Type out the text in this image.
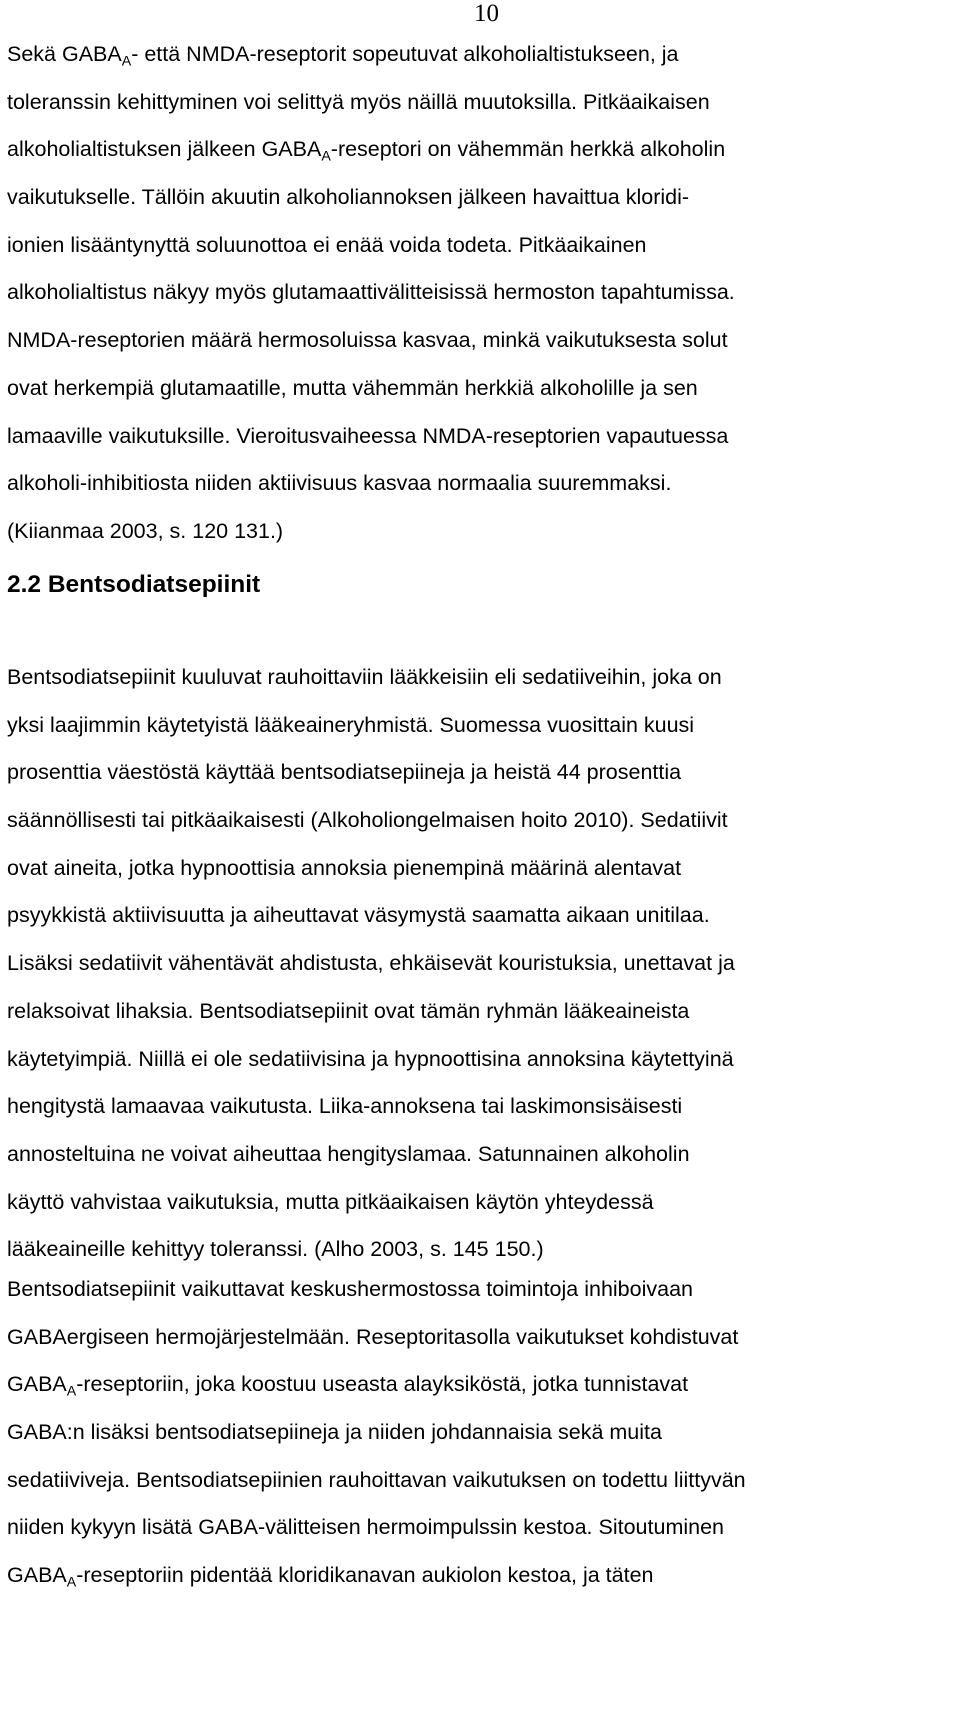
10
Sekä $GABA_A-$ että NMDA-reseptorit sopeutuvat alkoholialtistukseen, ja
toleranssin kehittyminen voi selittyä myös näillä muutoksilla. Pitkäaikaisen
alkoholialtistuksen jälkeen $GABA_A$-reseptori on vähemmän herkkä alkoholin
vaikutukselle. Tällöin akuutin alkoholiannoksen jälkeen havaittua kloridi-
ionien lisääntynyttä soluunottoa ei enää voida todeta. Pitkäaikainen
alkoholialtistus näkyy myös glutamaattivälitteisissä hermoston tapahtumissa.
NMDA-reseptorien määrä hermosoluissa kasvaa, minkä vaikutuksesta solut
ovat herkempiä glutamaatille, mutta vähemmän herkkiä alkoholille ja sen
lamaaville vaikutuksille. Vieroitusvaiheessa NMDA-reseptorien vapautuessa
alkoholi-inhibitiosta niiden aktiivisuus kasvaa normaalia suuremmaksi.
(Kiianmaa 2003, s. 120 131.)
2.2 Bentsodiatsepiinit
Bentsodiatsepiinit kuuluvat rauhoittaviin lääkkeisiin eli sedatiiveihin, joka on
yksi laajimmin käytetyistä lääkeaineryhmistä. Suomessa vuosittain kuusi
prosenttia väestöstä käyttää bentsodiatsepiineja ja heistä 44 prosenttia
säännöllisesti tai pitkäaikaisesti (Alkoholiongelmaisen hoito 2010). Sedatiivit
ovat aineita, jotka hypnoottisia annoksia pienempinä määrinä alentavat
psyykkistä aktiivisuutta ja aiheuttavat väsymystä saamatta aikaan unitilaa.
Lisäksi sedatiivit vähentävät ahdistusta, ehkäisevät kouristuksia, unettavat ja
relaksoivat lihaksia. Bentsodiatsepiinit ovat tämän ryhmän lääkeaineista
käytetyimpiä. Niillä ei ole sedatiivisina ja hypnoottisina annoksina käytettyinä
hengitystä lamaavaa vaikutusta. Liika-annoksena tai laskimonsisäisesti
annosteltuina ne voivat aiheuttaa hengityslamaa. Satunnainen alkoholin
käyttö vahvistaa vaikutuksia, mutta pitkäaikaisen käytön yhteydessä
lääkeaineille kehittyy toleranssi. (Alho 2003, s. 145 150.)
Bentsodiatsepiinit vaikuttavat keskushermostossa toimintoja inhiboivaan
GABAergiseen hermojärjestelmään. Reseptoritasolla vaikutukset kohdistuvat
$GABA_A$-reseptoriin, joka koostuu useasta alayksiköstä, jotka tunnistavat
GABA:n lisäksi bentsodiatsepiineja ja niiden johdannaisia sekä muita
sedatiiviveja. Bentsodiatsepiinien rauhoittavan vaikutuksen on todettu liittyvän
niiden kykyyn lisätä GABA-välitteisen hermoimpulssin kestoa. Sitoutuminen
$GABA_A$-reseptoriin pidentää kloridikanavan aukiolon kestoa, ja täten
